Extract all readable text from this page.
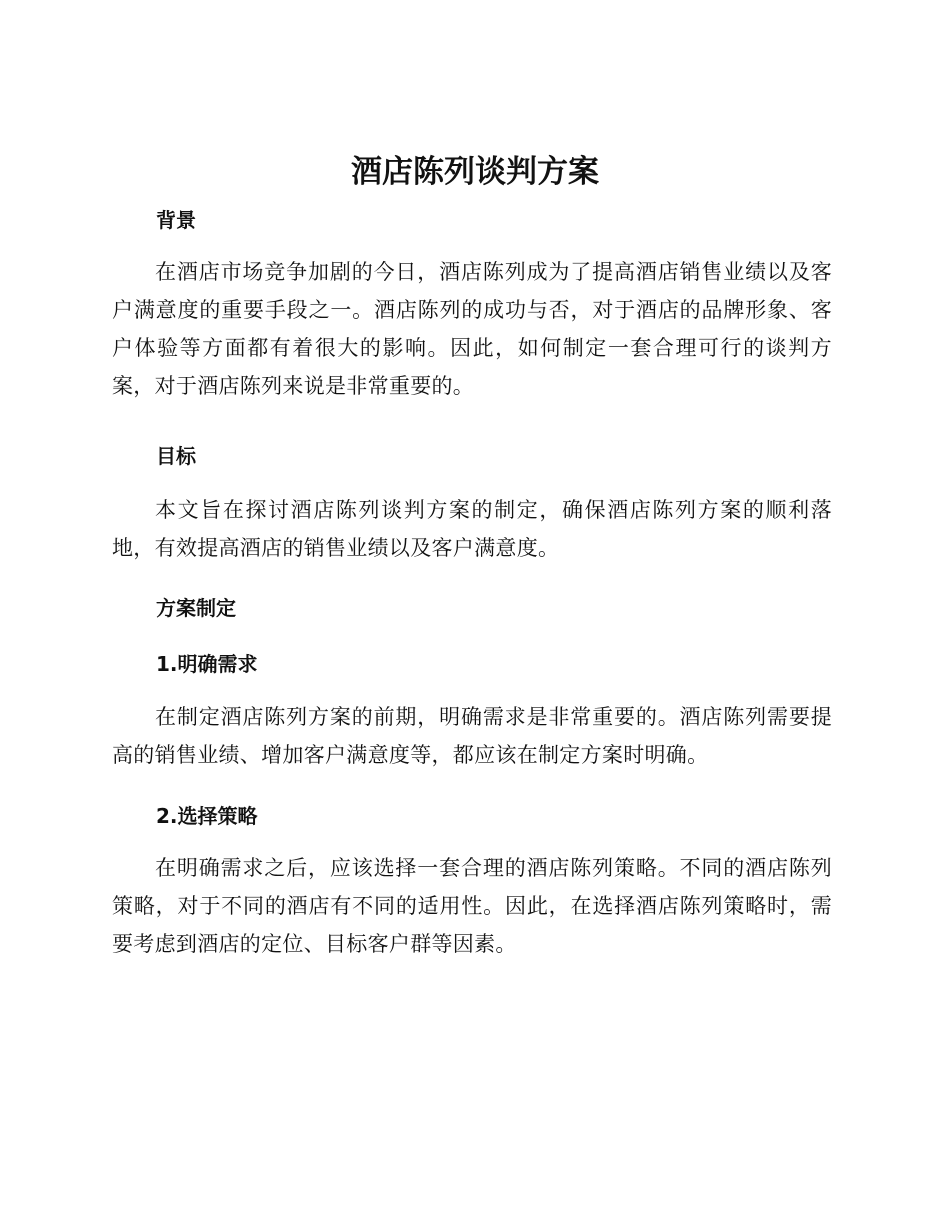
酒店陈列谈判方案
背景

在酒店市场竞争加剧的今日，酒店陈列成为了提高酒店销售业绩以及客户满意度的重要手段之一。酒店陈列的成功与否，对于酒店的品牌形象、客户体验等方面都有着很大的影响。因此，如何制定一套合理可行的谈判方案，对于酒店陈列来说是非常重要的。

目标

本文旨在探讨酒店陈列谈判方案的制定，确保酒店陈列方案的顺利落地，有效提高酒店的销售业绩以及客户满意度。

方案制定
1.明确需求

在制定酒店陈列方案的前期，明确需求是非常重要的。酒店陈列需要提高的销售业绩、增加客户满意度等，都应该在制定方案时明确。

2.选择策略

在明确需求之后，应该选择一套合理的酒店陈列策略。不同的酒店陈列策略，对于不同的酒店有不同的适用性。因此，在选择酒店陈列策略时，需要考虑到酒店的定位、目标客户群等因素。
